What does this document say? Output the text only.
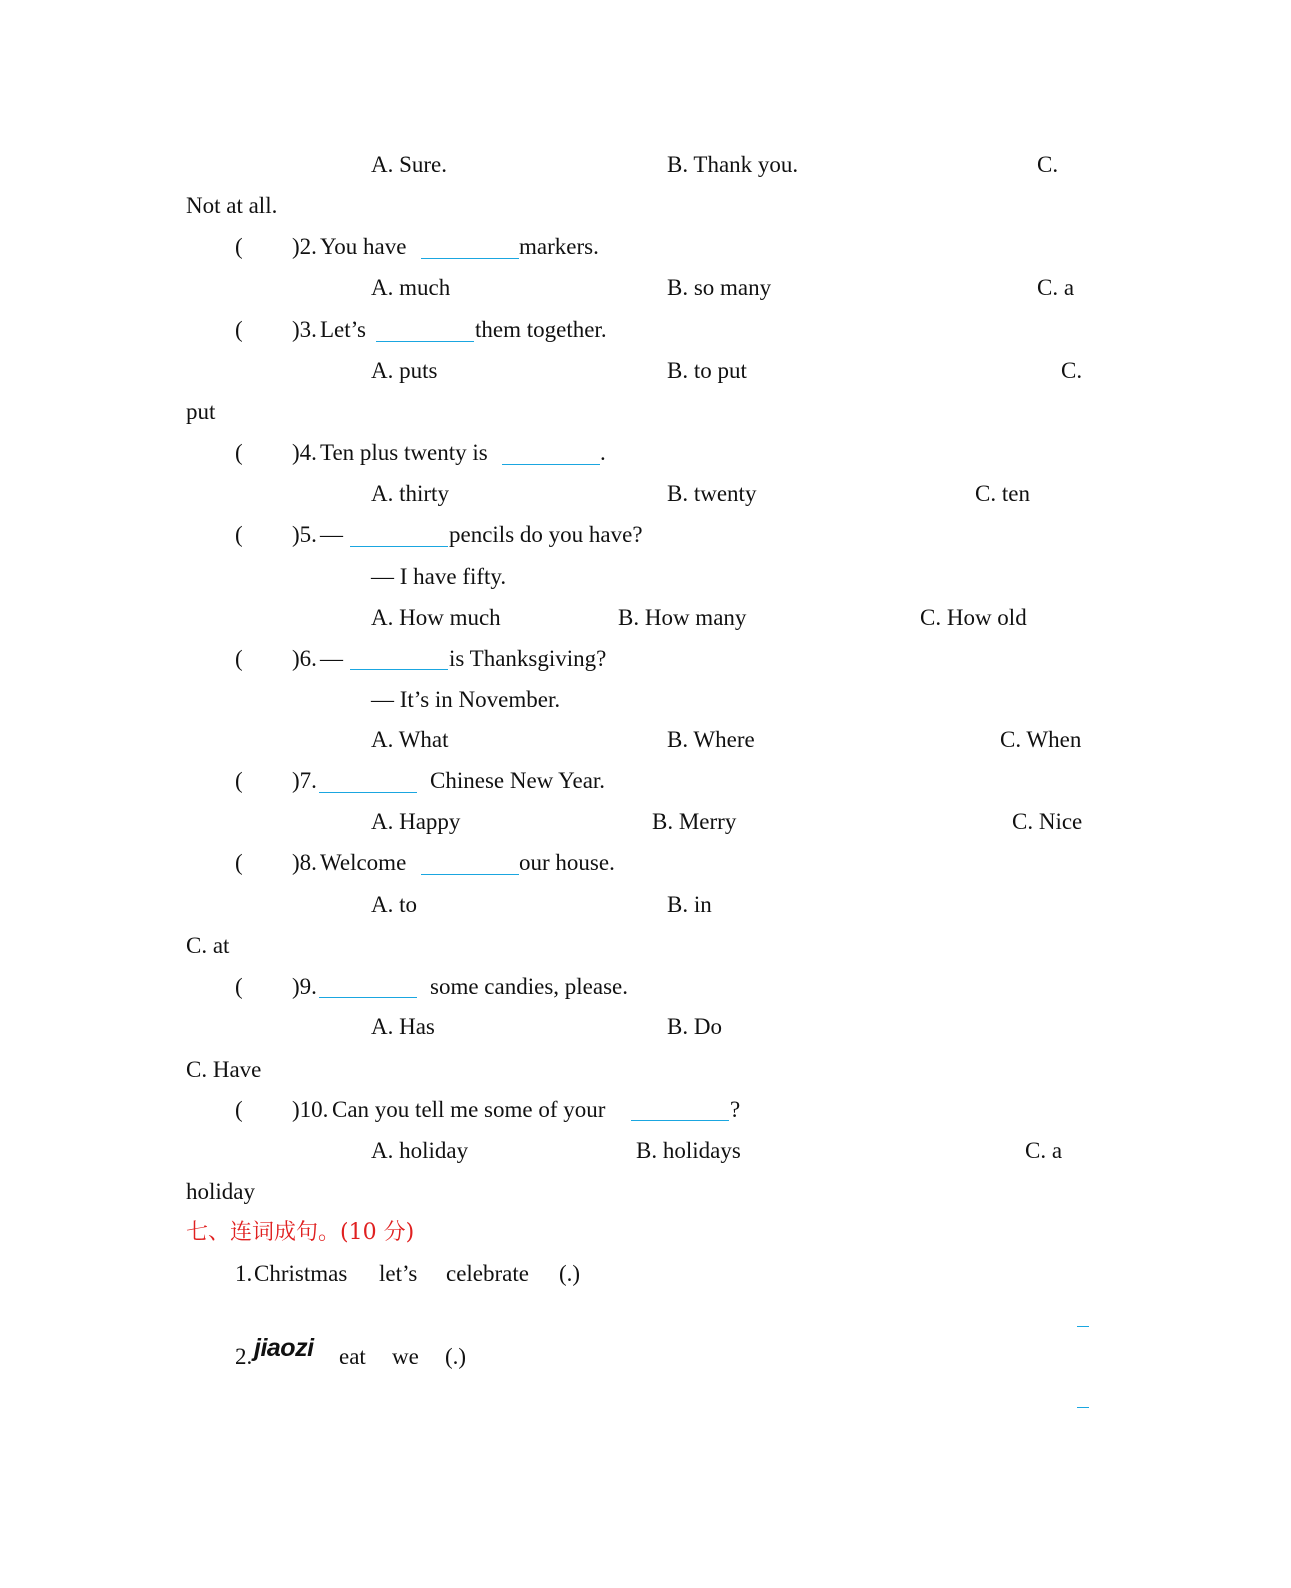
A. Sure.	B. Thank you.	C.
Not at all.
( )2. You have	markers.
A. much	B. so many	C. a
( )3. Let’s	them together.
A. puts	B. to put	C.
put
( )4. Ten plus twenty is	.
A. thirty	B. twenty	C. ten
( )5. —	pencils do you have?
— I have fifty.
A. How much	B. How many	C. How old
( )6. —	is Thanksgiving?
— It’s in November.
A. What	B. Where	C. When
( )7.	Chinese New Year.
A. Happy	B. Merry	C. Nice
( )8. Welcome	our house.
A. to	B. in
C. at
( )9.	some candies, please.
A. Has	B. Do
C. Have
( )10. Can you tell me some of your	?
A. holiday	B. holidays	C. a
holiday
七、连词成句。(10 分)
1. Christmas let’s celebrate (.)
2. jiaozi eat we (.)
